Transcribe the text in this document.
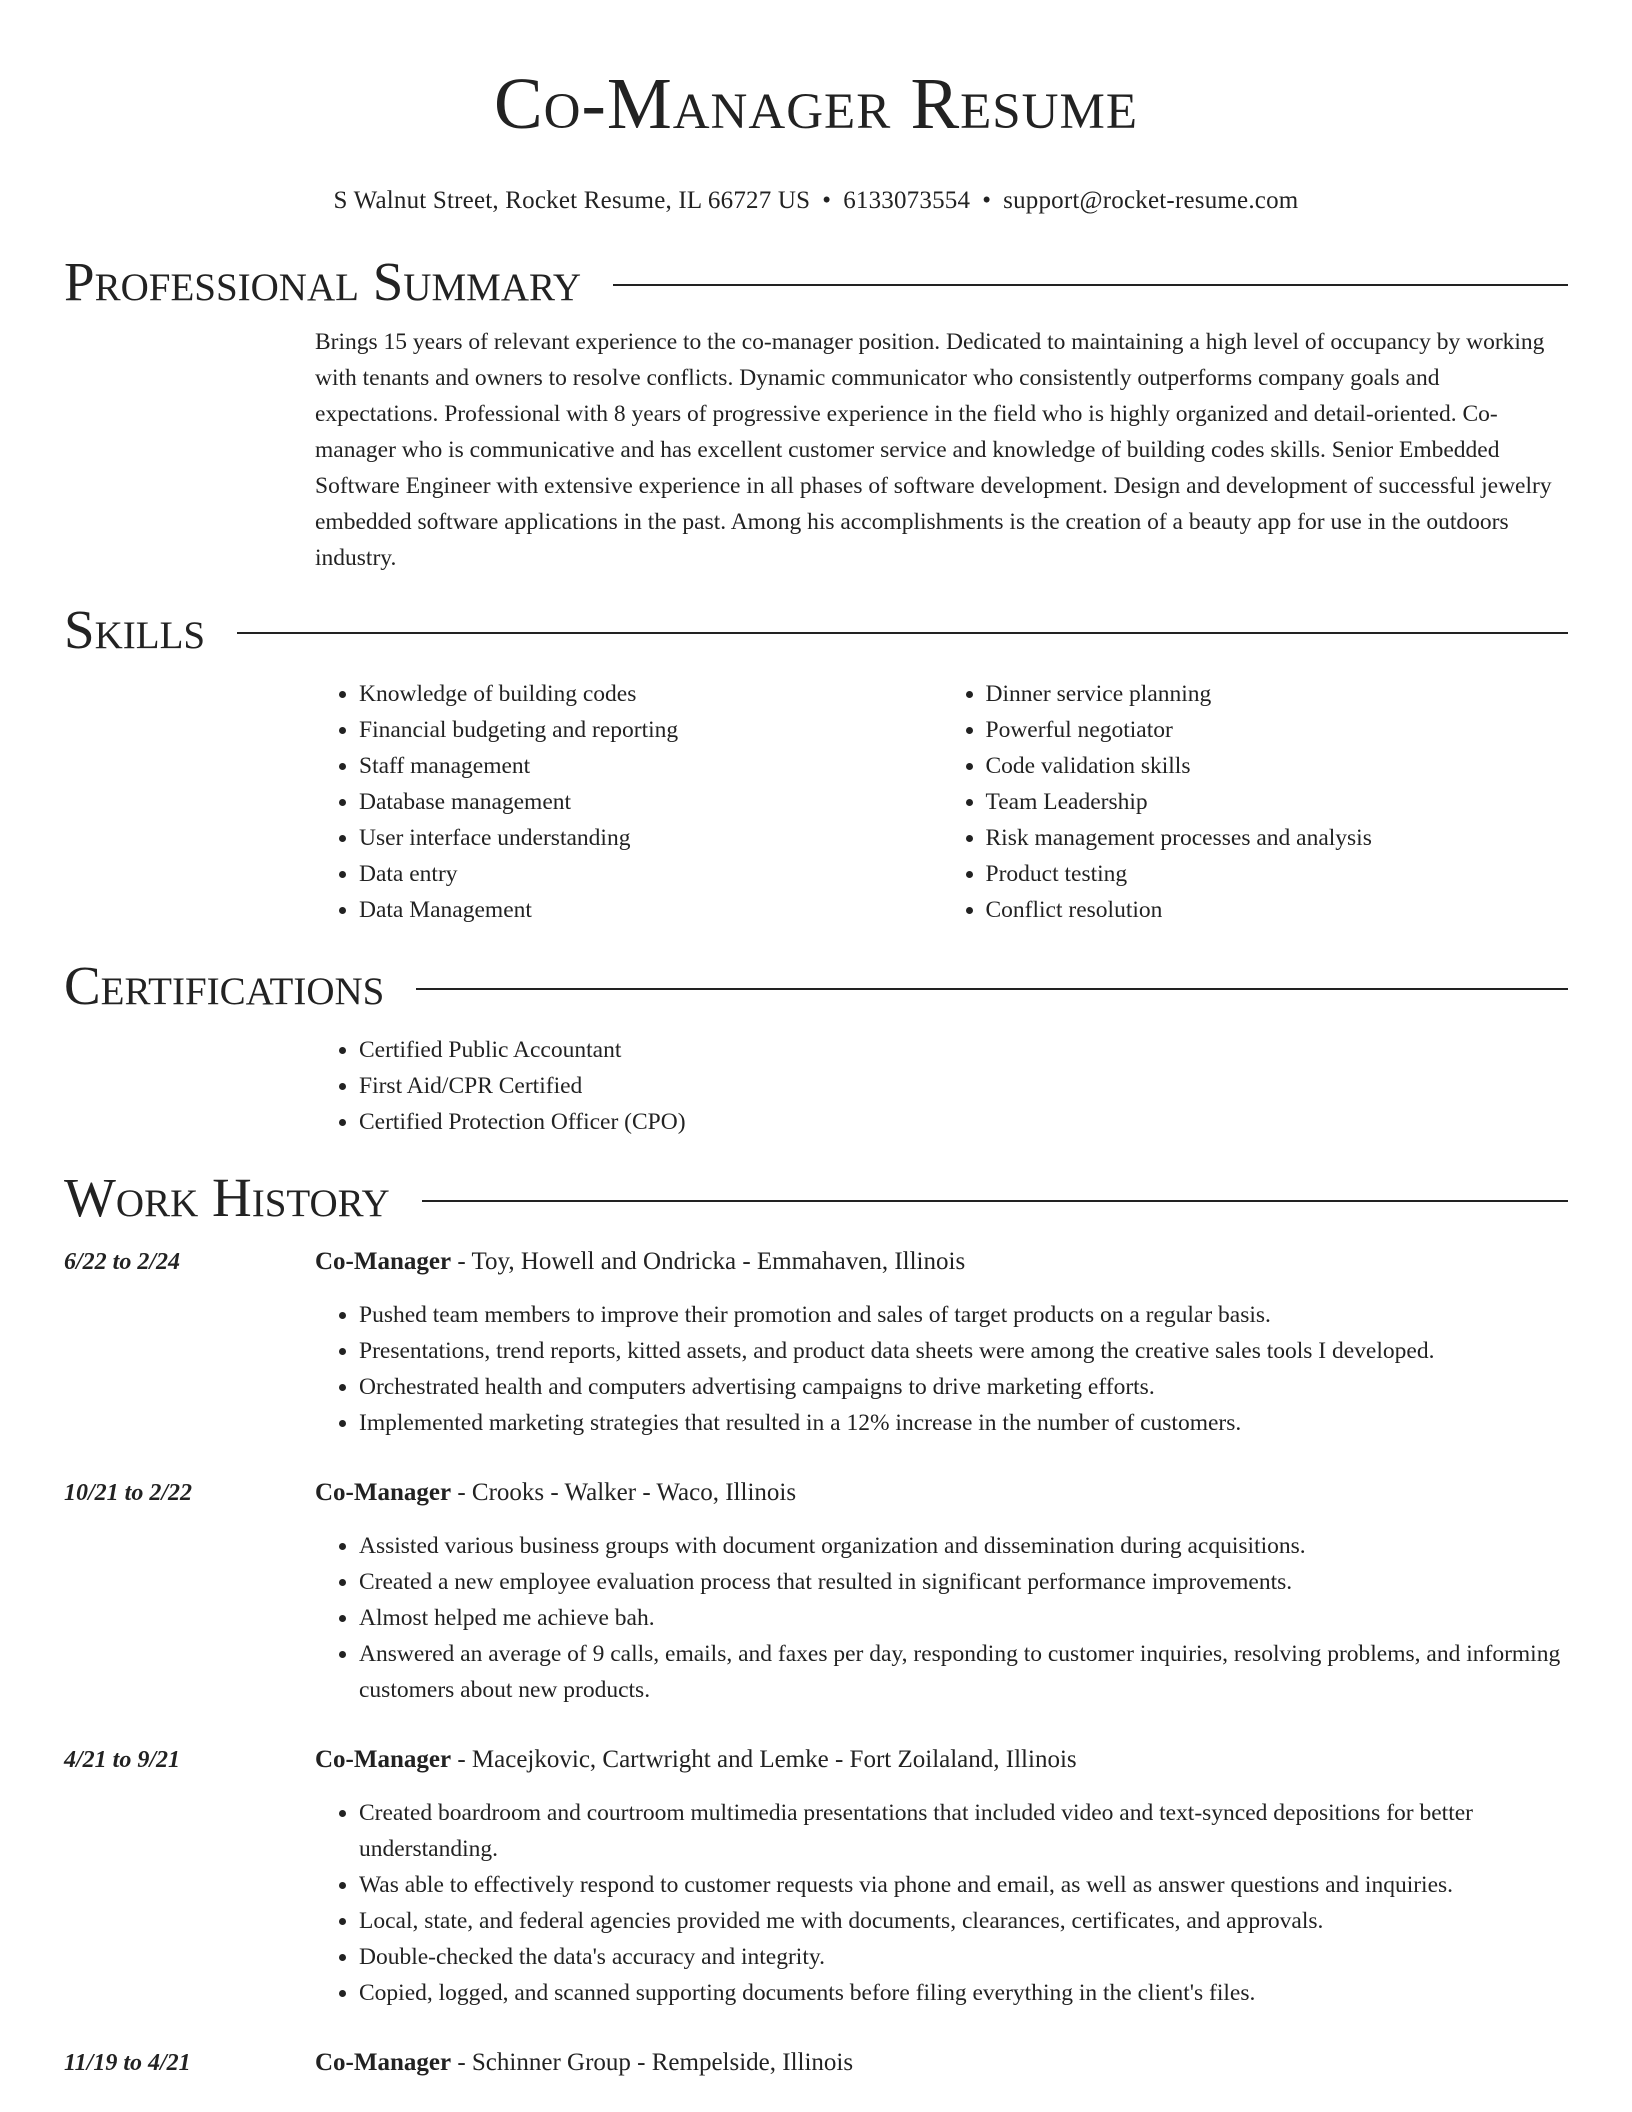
Co-Manager Resume
S Walnut Street, Rocket Resume, IL 66727 US • 6133073554 • support@rocket-resume.com
Professional Summary

Brings 15 years of relevant experience to the co-manager position. Dedicated to maintaining a high level of occupancy by working with tenants and owners to resolve conflicts. Dynamic communicator who consistently outperforms company goals and expectations. Professional with 8 years of progressive experience in the field who is highly organized and detail-oriented. Co-manager who is communicative and has excellent customer service and knowledge of building codes skills. Senior Embedded Software Engineer with extensive experience in all phases of software development. Design and development of successful jewelry embedded software applications in the past. Among his accomplishments is the creation of a beauty app for use in the outdoors industry.

Skills
• Knowledge of building codes
• Financial budgeting and reporting
• Staff management
• Database management
• User interface understanding
• Data entry
• Data Management
• Dinner service planning
• Powerful negotiator
• Code validation skills
• Team Leadership
• Risk management processes and analysis
• Product testing
• Conflict resolution
Certifications
• Certified Public Accountant
• First Aid/CPR Certified
• Certified Protection Officer (CPO)
Work History
6/22 to 2/24	Co-Manager - Toy, Howell and Ondricka - Emmahaven, Illinois
• Pushed team members to improve their promotion and sales of target products on a regular basis.
• Presentations, trend reports, kitted assets, and product data sheets were among the creative sales tools I developed.
• Orchestrated health and computers advertising campaigns to drive marketing efforts.
• Implemented marketing strategies that resulted in a 12% increase in the number of customers.
10/21 to 2/22	Co-Manager - Crooks - Walker - Waco, Illinois
• Assisted various business groups with document organization and dissemination during acquisitions.
• Created a new employee evaluation process that resulted in significant performance improvements.
• Almost helped me achieve bah.
• Answered an average of 9 calls, emails, and faxes per day, responding to customer inquiries, resolving problems, and informing customers about new products.
4/21 to 9/21	Co-Manager - Macejkovic, Cartwright and Lemke - Fort Zoilaland, Illinois
• Created boardroom and courtroom multimedia presentations that included video and text-synced depositions for better understanding.
• Was able to effectively respond to customer requests via phone and email, as well as answer questions and inquiries.
• Local, state, and federal agencies provided me with documents, clearances, certificates, and approvals.
• Double-checked the data's accuracy and integrity.
• Copied, logged, and scanned supporting documents before filing everything in the client's files.
11/19 to 4/21	Co-Manager - Schinner Group - Rempelside, Illinois
